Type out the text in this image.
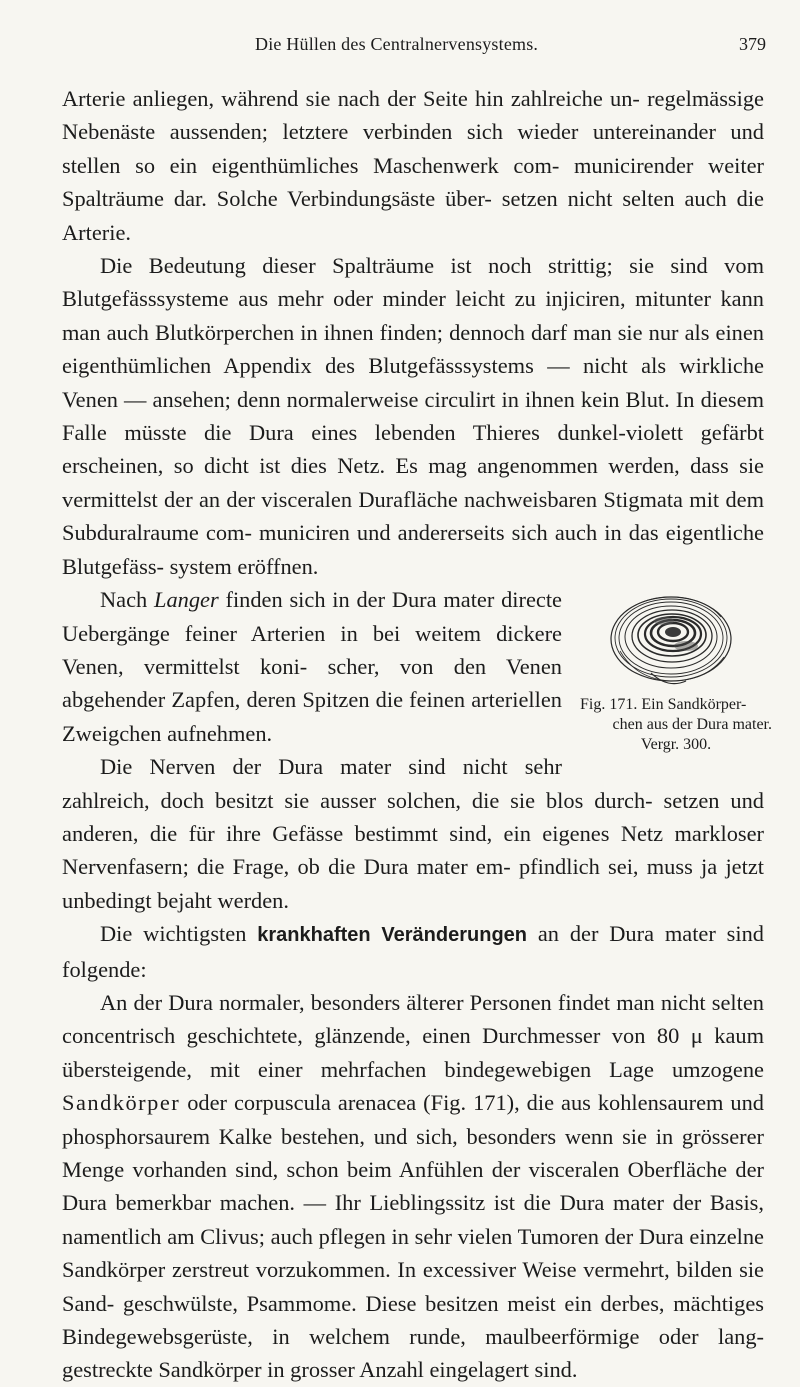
Die Hüllen des Centralnervensystems.	379

Arterie anliegen, während sie nach der Seite hin zahlreiche un- regelmässige Nebenäste aussenden; letztere verbinden sich wieder untereinander und stellen so ein eigenthümliches Maschenwerk com- municirender weiter Spalträume dar. Solche Verbindungsäste über- setzen nicht selten auch die Arterie.

Die Bedeutung dieser Spalträume ist noch strittig; sie sind vom Blutgefässsysteme aus mehr oder minder leicht zu injiciren, mitunter kann man auch Blutkörperchen in ihnen finden; dennoch darf man sie nur als einen eigenthümlichen Appendix des Blutgefässsystems — nicht als wirkliche Venen — ansehen; denn normalerweise circulirt in ihnen kein Blut. In diesem Falle müsste die Dura eines lebenden Thieres dunkel-violett gefärbt erscheinen, so dicht ist dies Netz. Es mag angenommen werden, dass sie vermittelst der an der visceralen Durafläche nachweisbaren Stigmata mit dem Subduralraume com- municiren und andererseits sich auch in das eigentliche Blutgefäss- system eröffnen.

Fig. 171. Ein Sandkörper-
chen aus der Dura mater.
Vergr. 300.

Nach Langer finden sich in der Dura mater directe Uebergänge feiner Arterien in bei weitem dickere Venen, vermittelst koni- scher, von den Venen abgehender Zapfen, deren Spitzen die feinen arteriellen Zweigchen aufnehmen.

Die Nerven der Dura mater sind nicht sehr zahlreich, doch besitzt sie ausser solchen, die sie blos durch- setzen und anderen, die für ihre Gefässe bestimmt sind, ein eigenes Netz markloser Nervenfasern; die Frage, ob die Dura mater em- pfindlich sei, muss ja jetzt unbedingt bejaht werden.

Die wichtigsten krankhaften Veränderungen an der Dura mater sind folgende:

An der Dura normaler, besonders älterer Personen findet man nicht selten concentrisch geschichtete, glänzende, einen Durchmesser von 80 μ kaum übersteigende, mit einer mehrfachen bindegewebigen Lage umzogene Sandkörper oder corpuscula arenacea (Fig. 171), die aus kohlensaurem und phosphorsaurem Kalke bestehen, und sich, besonders wenn sie in grösserer Menge vorhanden sind, schon beim Anfühlen der visceralen Oberfläche der Dura bemerkbar machen. — Ihr Lieblingssitz ist die Dura mater der Basis, namentlich am Clivus; auch pflegen in sehr vielen Tumoren der Dura einzelne Sandkörper zerstreut vorzukommen. In excessiver Weise vermehrt, bilden sie Sand- geschwülste, Psammome. Diese besitzen meist ein derbes, mächtiges Bindegewebsgerüste, in welchem runde, maulbeerförmige oder lang- gestreckte Sandkörper in grosser Anzahl eingelagert sind.
